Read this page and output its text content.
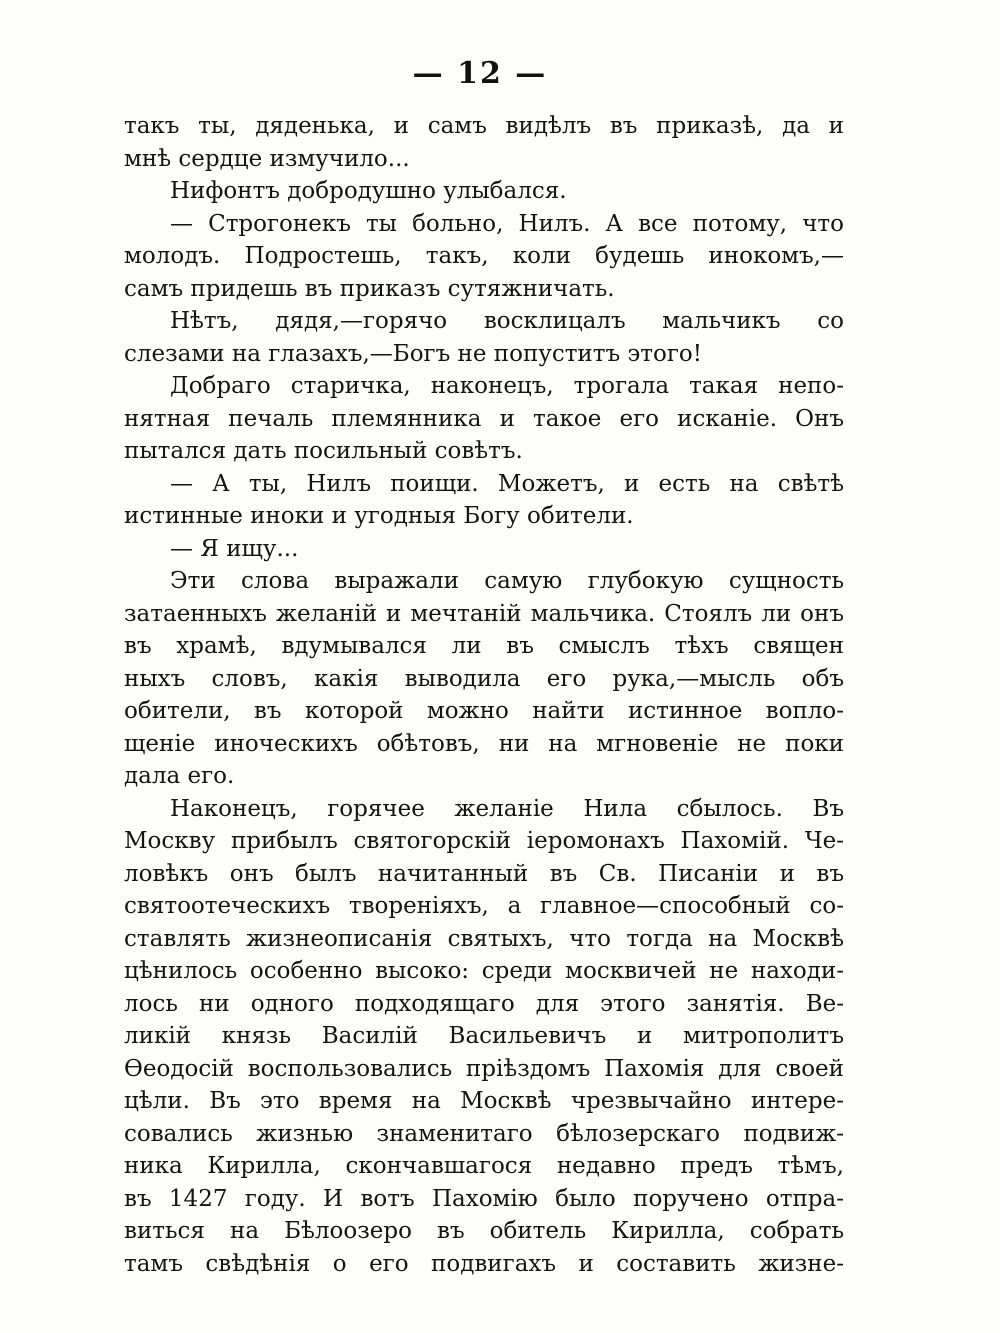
— 12 —
такъ ты, дяденька, и самъ видѣлъ въ приказѣ, да и
мнѣ сердце измучило...
Нифонтъ добродушно улыбался.
— Строгонекъ ты больно, Нилъ. А все потому, что
молодъ. Подростешь, такъ, коли будешь инокомъ,—
самъ придешь въ приказъ сутяжничать.
Нѣтъ, дядя,—горячо восклицалъ мальчикъ со
слезами на глазахъ,—Богъ не попуститъ этого!
Добраго старичка, наконецъ, трогала такая непо-
нятная печаль племянника и такое его исканіе. Онъ
пытался дать посильный совѣтъ.
— А ты, Нилъ поищи. Можетъ, и есть на свѣтѣ
истинные иноки и угодныя Богу обители.
— Я ищу...
Эти слова выражали самую глубокую сущность
затаенныхъ желаній и мечтаній мальчика. Стоялъ ли онъ
въ храмѣ, вдумывался ли въ смыслъ тѣхъ священ
ныхъ словъ, какія выводила его рука,—мысль объ
обители, въ которой можно найти истинное вопло-
щеніе иноческихъ обѣтовъ, ни на мгновеніе не поки
дала его.
Наконецъ, горячее желаніе Нила сбылось. Въ
Москву прибылъ святогорскій іеромонахъ Пахомій. Че-
ловѣкъ онъ былъ начитанный въ Св. Писаніи и въ
святоотеческихъ твореніяхъ, а главное—способный со-
ставлять жизнеописанія святыхъ, что тогда на Москвѣ
цѣнилось особенно высоко: среди москвичей не находи-
лось ни одного подходящаго для этого занятія. Ве-
ликій князь Василій Васильевичъ и митрополитъ
Ѳеодосій воспользовались пріѣздомъ Пахомія для своей
цѣли. Въ это время на Москвѣ чрезвычайно интере-
совались жизнью знаменитаго бѣлозерскаго подвиж-
ника Кирилла, скончавшагося недавно предъ тѣмъ,
въ 1427 году. И вотъ Пахомію было поручено отпра-
виться на Бѣлоозеро въ обитель Кирилла, собрать
тамъ свѣдѣнія о его подвигахъ и составить жизне-
